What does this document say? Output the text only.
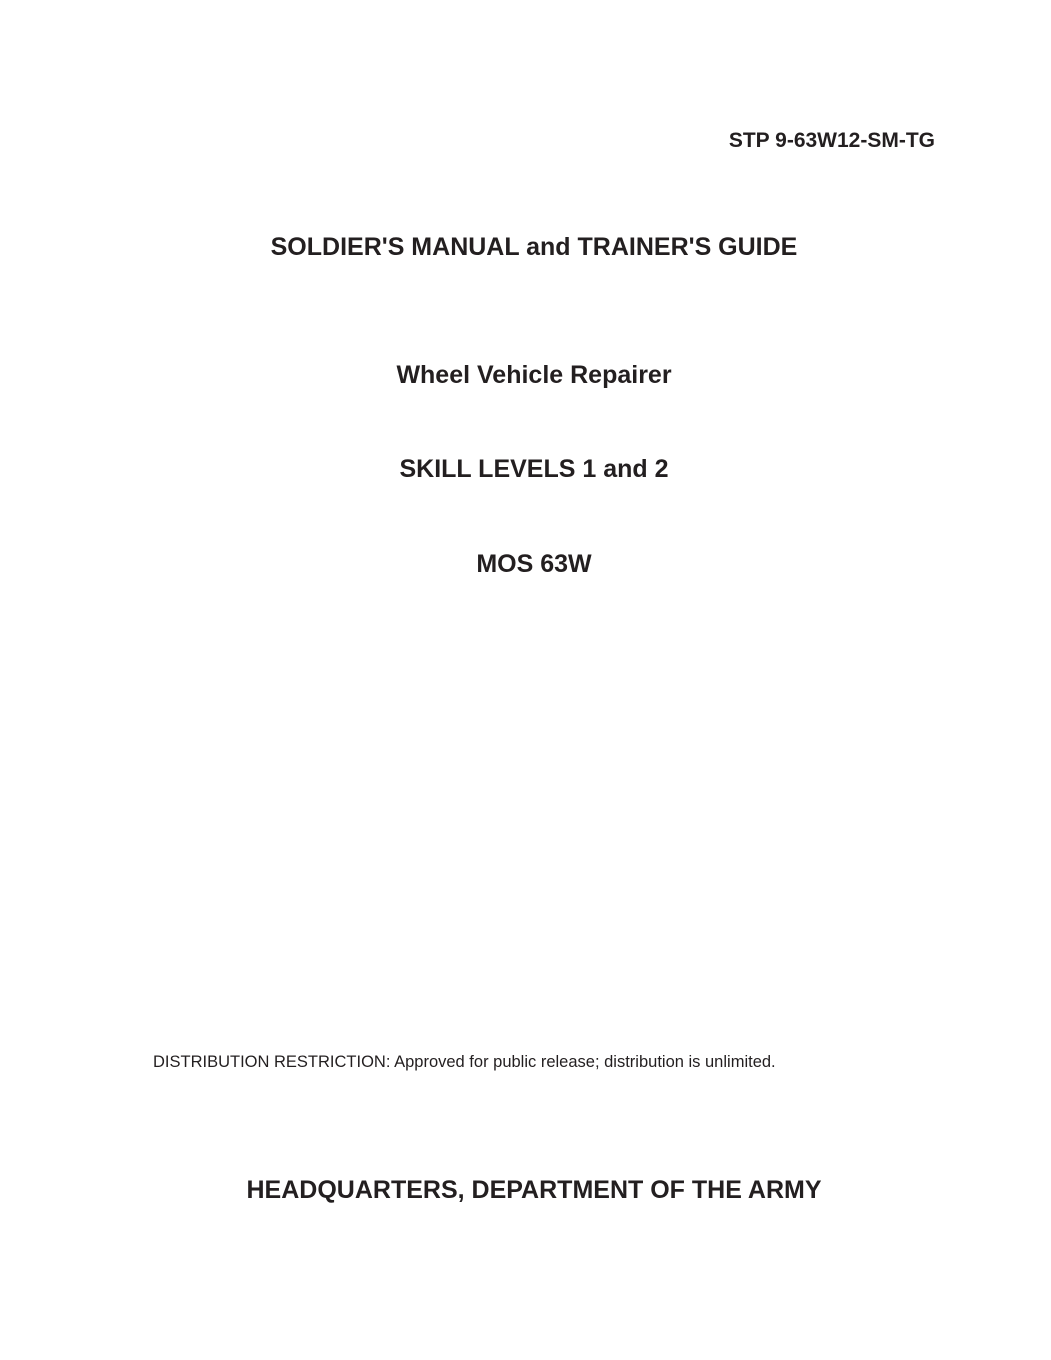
STP 9-63W12-SM-TG
SOLDIER'S MANUAL and TRAINER'S GUIDE
Wheel Vehicle Repairer
SKILL LEVELS 1 and 2
MOS 63W
DISTRIBUTION RESTRICTION: Approved for public release; distribution is unlimited.
HEADQUARTERS, DEPARTMENT OF THE ARMY
